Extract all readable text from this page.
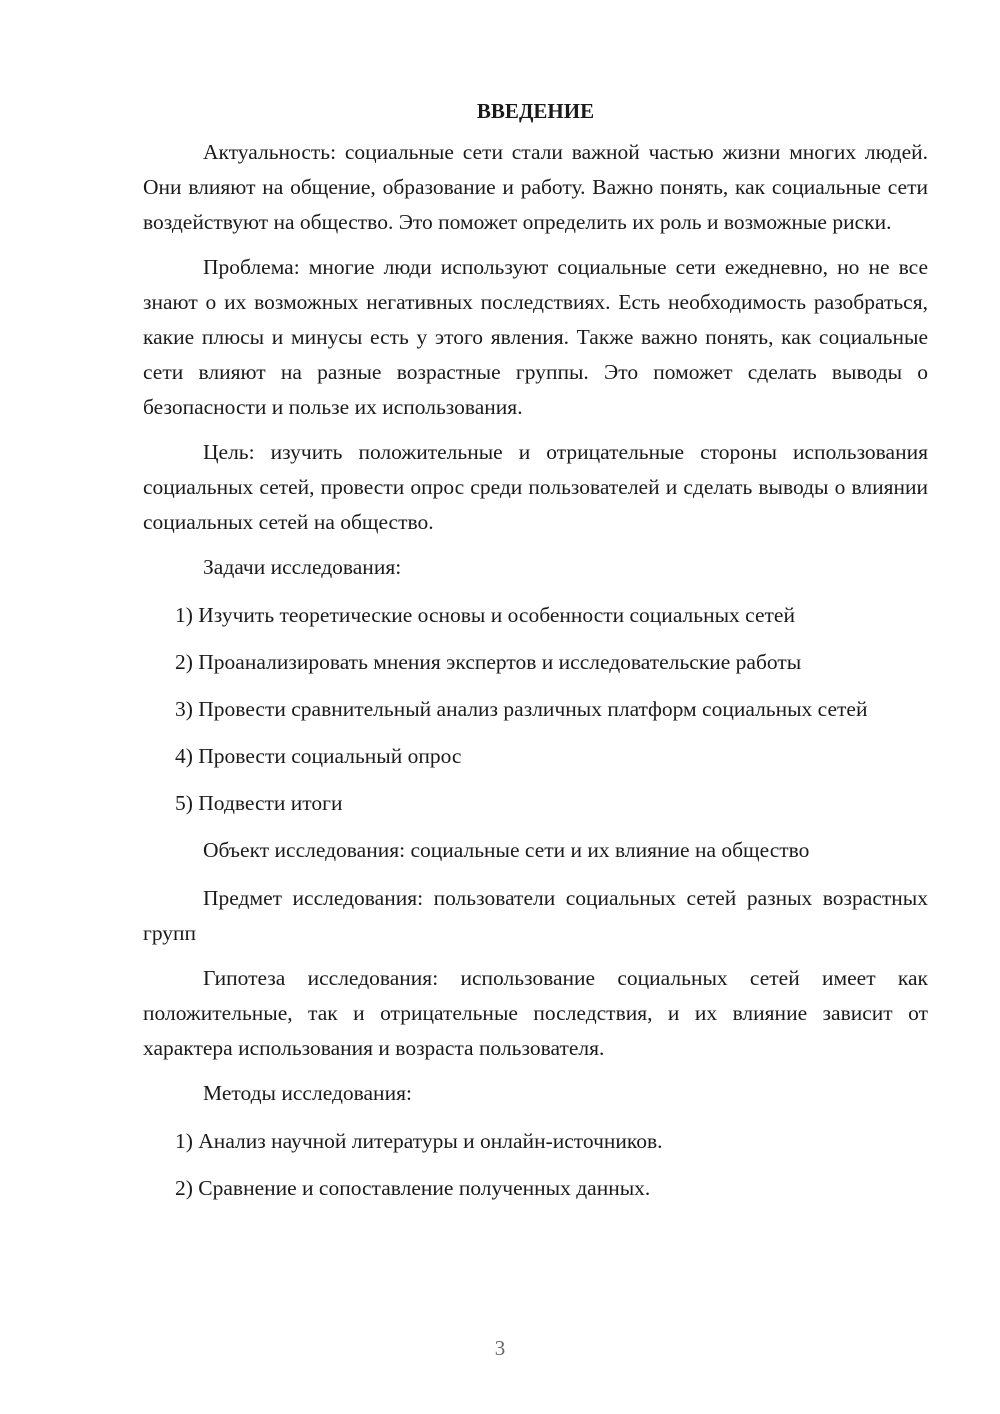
ВВЕДЕНИЕ

Актуальность: социальные сети стали важной частью жизни многих людей. Они влияют на общение, образование и работу. Важно понять, как социальные сети воздействуют на общество. Это поможет определить их роль и возможные риски.

Проблема: многие люди используют социальные сети ежедневно, но не все знают о их возможных негативных последствиях. Есть необходимость разобраться, какие плюсы и минусы есть у этого явления. Также важно понять, как социальные сети влияют на разные возрастные группы. Это поможет сделать выводы о безопасности и пользе их использования.

Цель: изучить положительные и отрицательные стороны использования социальных сетей, провести опрос среди пользователей и сделать выводы о влиянии социальных сетей на общество.

Задачи исследования:

1) Изучить теоретические основы и особенности социальных сетей

2) Проанализировать мнения экспертов и исследовательские работы

3) Провести сравнительный анализ различных платформ социальных сетей

4) Провести социальный опрос

5) Подвести итоги

Объект исследования: социальные сети и их влияние на общество

Предмет исследования: пользователи социальных сетей разных возрастных групп

Гипотеза исследования: использование социальных сетей имеет как положительные, так и отрицательные последствия, и их влияние зависит от характера использования и возраста пользователя.

Методы исследования:

1) Анализ научной литературы и онлайн-источников.

2) Сравнение и сопоставление полученных данных.

3
